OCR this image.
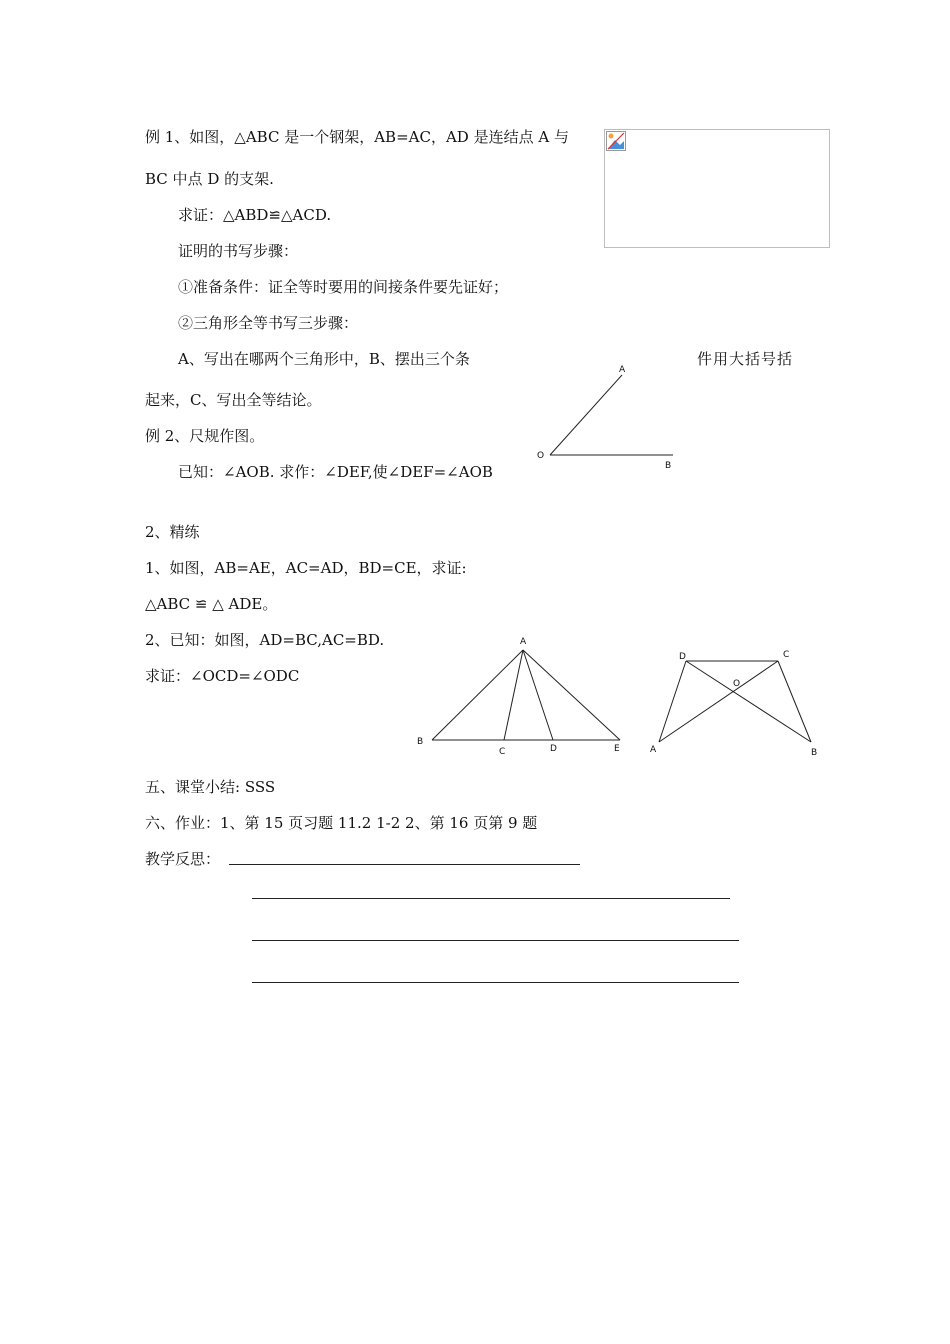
例 1、如图，△ABC 是一个钢架，AB=AC，AD 是连结点 A 与
BC 中点 D 的支架.
求证：△ABD≌△ACD.
证明的书写步骤：
①准备条件：证全等时要用的间接条件要先证好；
②三角形全等书写三步骤：
A、写出在哪两个三角形中，B、摆出三个条	件用大括号括
起来，C、写出全等结论。
例 2、尺规作图。
已知：∠AOB. 求作：∠DEF,使∠DEF=∠AOB
A
O
B
2、精练
1、如图，AB=AE，AC=AD，BD=CE，求证:
△ABC ≌ △ ADE。
2、已知：如图，AD=BC,AC=BD.
求证：∠OCD=∠ODC
A
B
C	D	E
D	C
O
A	B
五、课堂小结: SSS
六、作业：1、第 15 页习题 11.2 1-2 2、第 16 页第 9 题
教学反思：
